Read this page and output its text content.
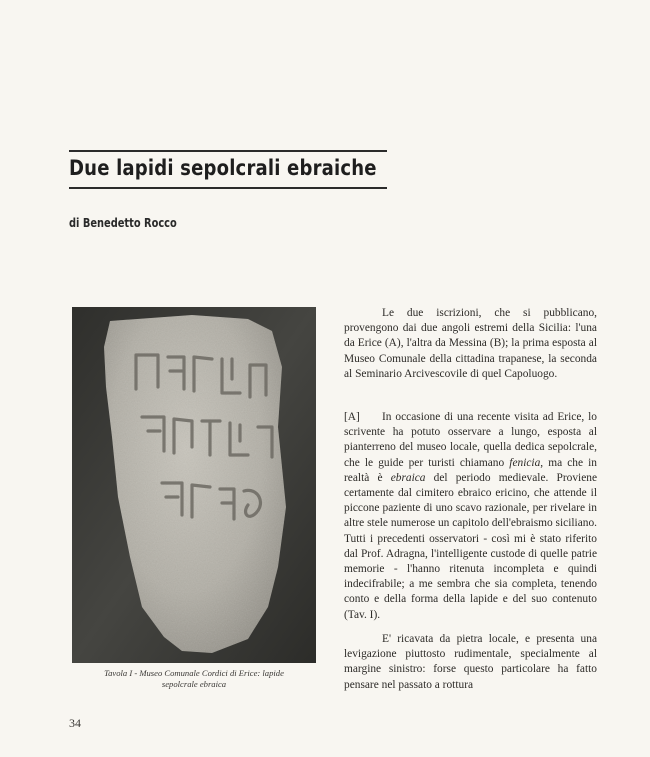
Due lapidi sepolcrali ebraiche
di Benedetto Rocco
Tavola I - Museo Comunale Cordici di Erice: lapide
sepolcrale ebraica
Le due iscrizioni, che si pubblicano, provengono dai due angoli estremi della Sicilia: l'una da Erice (A), l'altra da Messina (B); la prima esposta al Museo Comunale della cittadina trapanese, la seconda al Seminario Arcivescovile di quel Capoluogo.
[A] In occasione di una recente visita ad Erice, lo scrivente ha potuto osservare a lungo, esposta al pianterreno del museo locale, quella dedica sepolcrale, che le guide per turisti chiamano fenicia, ma che in realtà è ebraica del periodo medievale. Proviene certamente dal cimitero ebraico ericino, che attende il piccone paziente di uno scavo razionale, per rivelare in altre stele numerose un capitolo dell'ebraismo siciliano. Tutti i precedenti osservatori - così mi è stato riferito dal Prof. Adragna, l'intelligente custode di quelle patrie memorie - l'hanno ritenuta incompleta e quindi indecifrabile; a me sembra che sia completa, tenendo conto e della forma della lapide e del suo contenuto (Tav. I).
E' ricavata da pietra locale, e presenta una levigazione piuttosto rudimentale, specialmente al margine sinistro: forse questo particolare ha fatto pensare nel passato a rottura
34
